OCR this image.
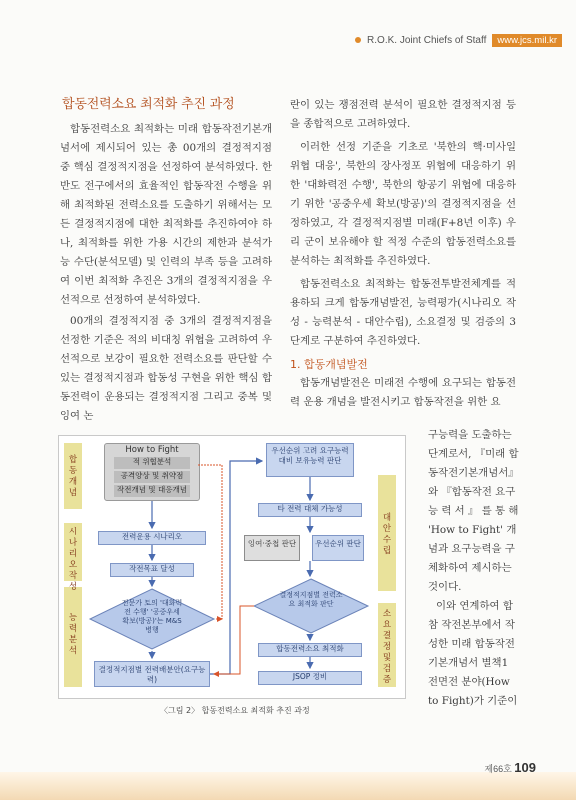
R.O.K. Joint Chiefs of Staff	www.jcs.mil.kr
합동전력소요 최적화 추진 과정

합동전력소요 최적화는 미래 합동작전기본개념서에 제시되어 있는 총 00개의 결정적지점 중 핵심 결정적지점을 선정하여 분석하였다. 한반도 전구에서의 효율적인 합동작전 수행을 위해 최적화된 전력소요를 도출하기 위해서는 모든 결정적지점에 대한 최적화를 추진하여야 하나, 최적화를 위한 가용 시간의 제한과 분석가능 수단(분석모델) 및 인력의 부족 등을 고려하여 이번 최적화 추진은 3개의 결정적지점을 우선적으로 선정하여 분석하였다.

00개의 결정적지점 중 3개의 결정적지점을 선정한 기준은 적의 비대칭 위협을 고려하여 우선적으로 보강이 필요한 전력소요를 판단할 수 있는 결정적지점과 합동성 구현을 위한 핵심 합동전력이 운용되는 결정적지점 그리고 중복 및 잉여 논

란이 있는 쟁점전력 분석이 필요한 결정적지점 등을 종합적으로 고려하였다.

이러한 선정 기준을 기초로 '북한의 핵·미사일 위협 대응', 북한의 장사정포 위협에 대응하기 위한 '대화력전 수행', 북한의 항공기 위협에 대응하기 위한 '공중우세 확보(방공)'의 결정적지점을 선정하였고, 각 결정적지점별 미래(F+8년 이후) 우리 군이 보유해야 할 적정 수준의 합동전력소요를 분석하는 최적화를 추진하였다.

합동전력소요 최적화는 합동전투발전체계를 적용하되 크게 합동개념발전, 능력평가(시나리오 작성 - 능력분석 - 대안수립), 소요결정 및 검증의 3단계로 구분하여 추진하였다.

1. 합동개념발전

합동개념발전은 미래전 수행에 요구되는 합동전력 운용 개념을 발전시키고 합동작전을 위한 요

구능력을 도출하는
단계로서, 『미래 합
동작전기본개념서』
와 『합동작전 요구
능 력 서 』 를 통 해
'How to Fight' 개
념과 요구능력을 구
체화하여 제시하는
것이다.
이와 연계하여 합
참 작전본부에서 작
성한 미래 합동작전
기본개념서 별책1
전면전 분야(How
to Fight)가 기준이
합동개념
시나리오 작성
능력분석
대안수립
소요결정 및 검증
How to Fight
적 위협분석
공격양상 및 취약점
작전개념 및 대응개념
전력운용 시나리오
작전목표 달성
전문가 토의 '대화력전 수행' '공중우세 확보(방공)'는 M&S 병행
결정적지점별 전력배분안(요구능력)
우선순위 고려 요구능력 대비 보유능력 판단
타 전력 대체 가능성
잉여·중첩 판단	우선순위 판단
결정적지점별 전력소요 최적화 판단
합동전력소요 최적화
JSOP 정비
〈그림 2〉 합동전력소요 최적화 추진 과정
제66호 109
